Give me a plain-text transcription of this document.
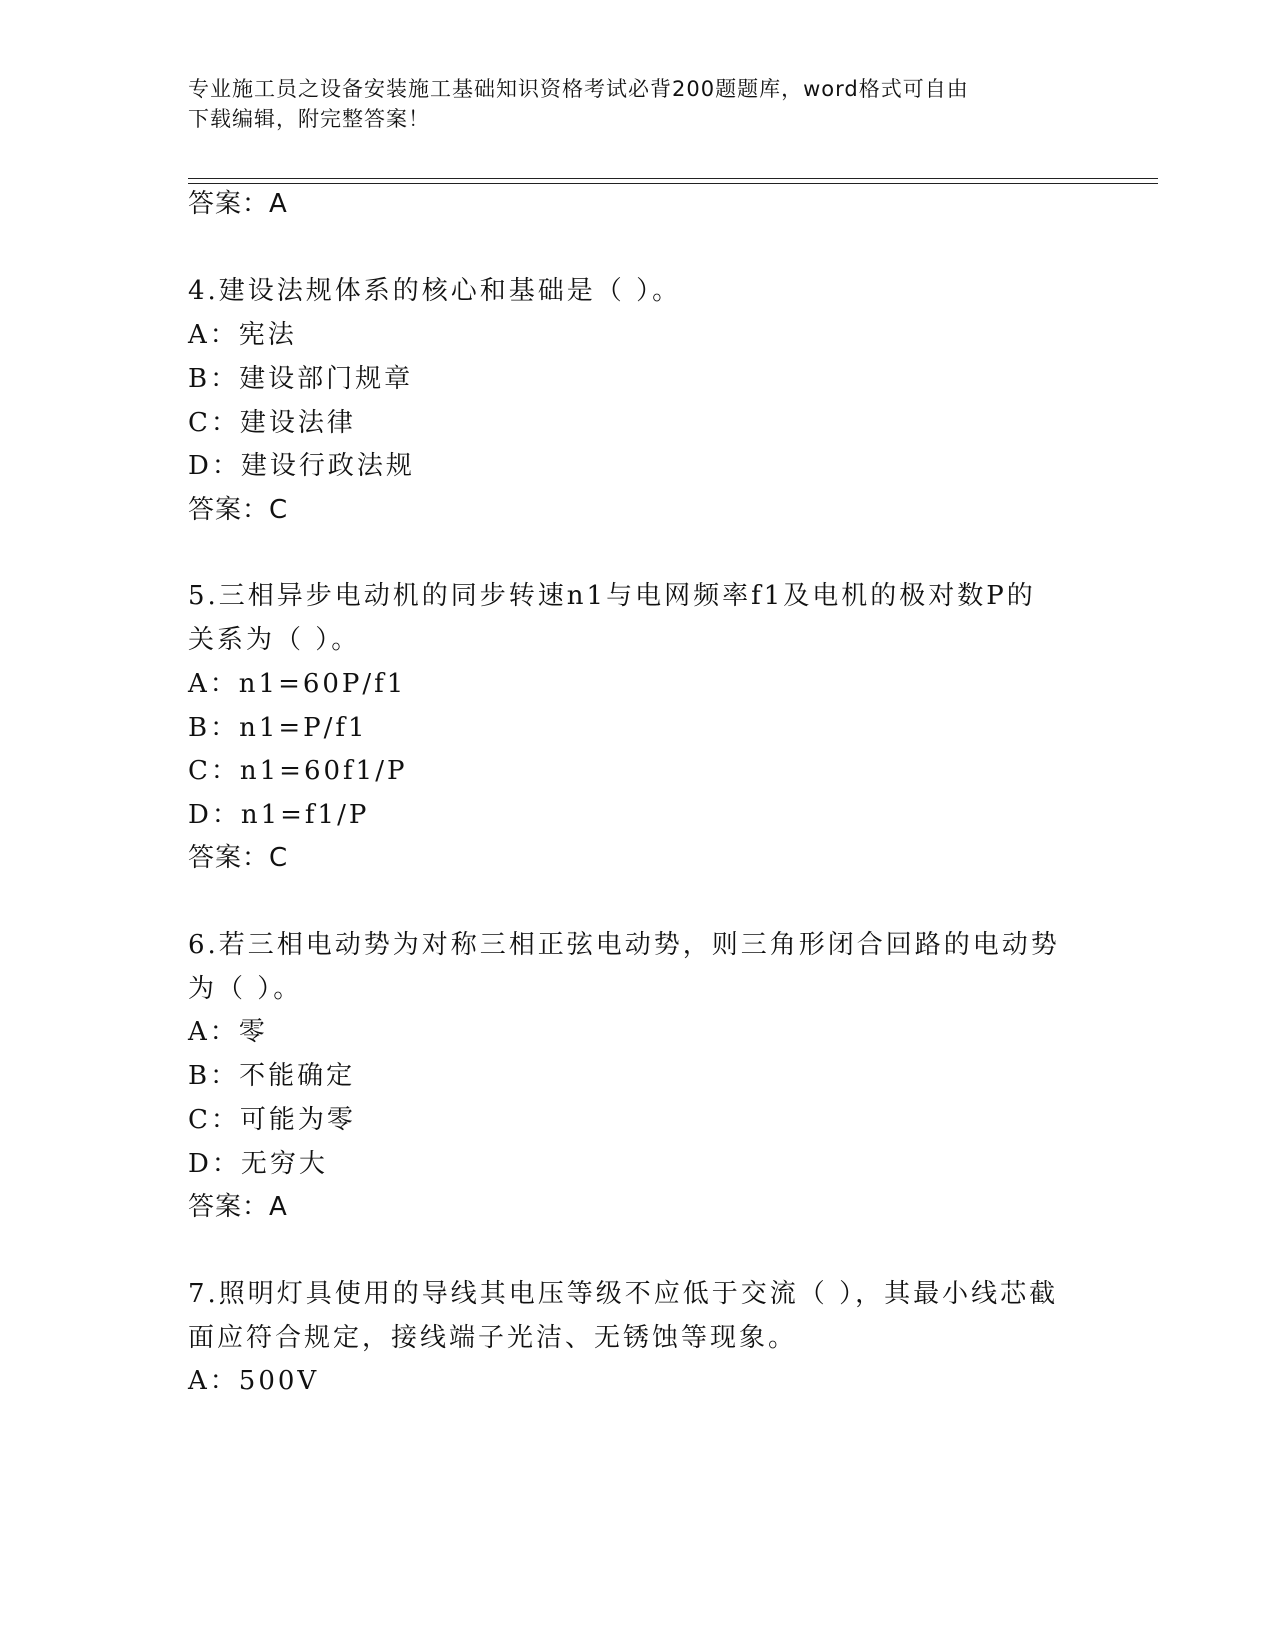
专业施工员之设备安装施工基础知识资格考试必背200题题库，word格式可自由
下载编辑，附完整答案！
答案：A
4.建设法规体系的核心和基础是（ ）。
A：宪法
B：建设部门规章
C：建设法律
D：建设行政法规
答案：C
5.三相异步电动机的同步转速n1与电网频率f1及电机的极对数P的
关系为（ ）。
A：n1=60P/f1
B：n1=P/f1
C：n1=60f1/P
D：n1=f1/P
答案：C
6.若三相电动势为对称三相正弦电动势，则三角形闭合回路的电动势
为（ ）。
A：零
B：不能确定
C：可能为零
D：无穷大
答案：A
7.照明灯具使用的导线其电压等级不应低于交流（ ），其最小线芯截
面应符合规定，接线端子光洁、无锈蚀等现象。
A：500V
